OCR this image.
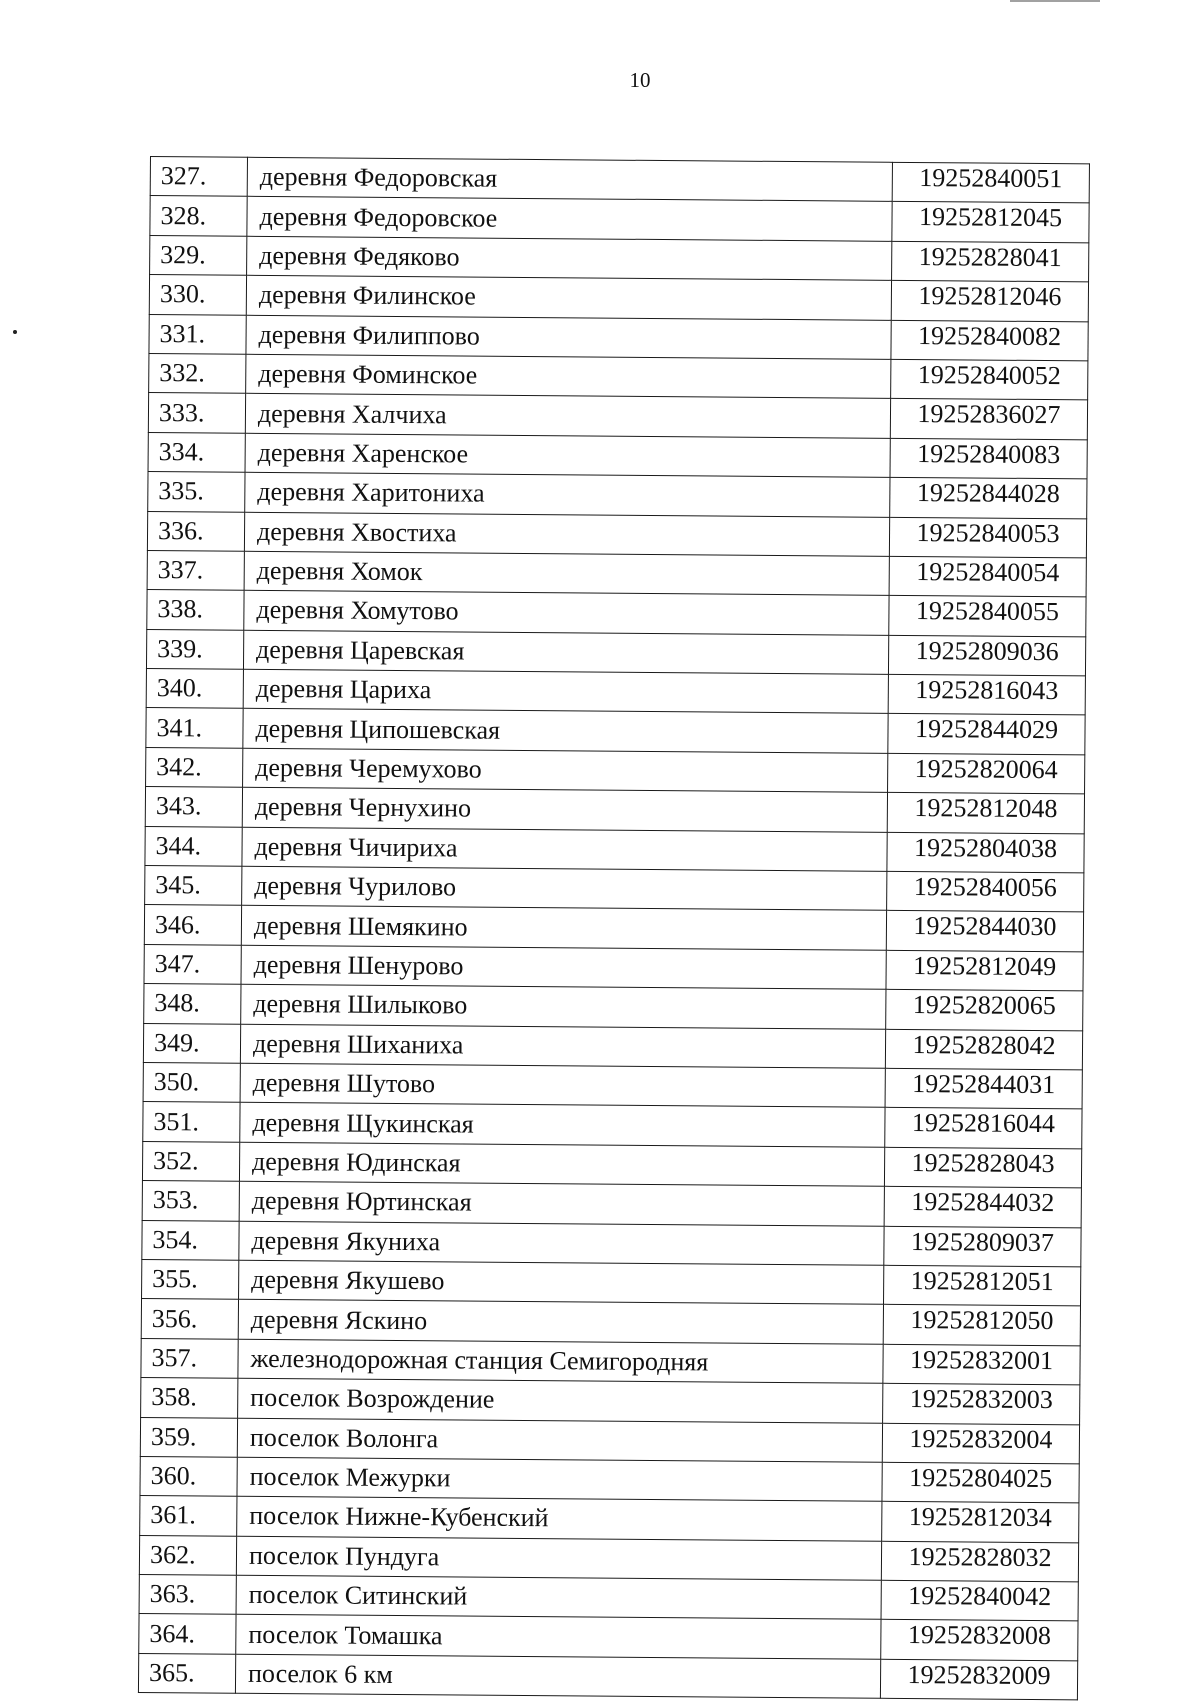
10
327.	деревня Федоровская	19252840051
328.	деревня Федоровское	19252812045
329.	деревня Федяково	19252828041
330.	деревня Филинское	19252812046
331.	деревня Филиппово	19252840082
332.	деревня Фоминское	19252840052
333.	деревня Халчиха	19252836027
334.	деревня Харенское	19252840083
335.	деревня Харитониха	19252844028
336.	деревня Хвостиха	19252840053
337.	деревня Хомок	19252840054
338.	деревня Хомутово	19252840055
339.	деревня Царевская	19252809036
340.	деревня Цариха	19252816043
341.	деревня Ципошевская	19252844029
342.	деревня Черемухово	19252820064
343.	деревня Чернухино	19252812048
344.	деревня Чичириха	19252804038
345.	деревня Чурилово	19252840056
346.	деревня Шемякино	19252844030
347.	деревня Шенурово	19252812049
348.	деревня Шилыково	19252820065
349.	деревня Шиханиха	19252828042
350.	деревня Шутово	19252844031
351.	деревня Щукинская	19252816044
352.	деревня Юдинская	19252828043
353.	деревня Юртинская	19252844032
354.	деревня Якуниха	19252809037
355.	деревня Якушево	19252812051
356.	деревня Яскино	19252812050
357.	железнодорожная станция Семигородняя	19252832001
358.	поселок Возрождение	19252832003
359.	поселок Волонга	19252832004
360.	поселок Межурки	19252804025
361.	поселок Нижне-Кубенский	19252812034
362.	поселок Пундуга	19252828032
363.	поселок Ситинский	19252840042
364.	поселок Томашка	19252832008
365.	поселок 6 км	19252832009
